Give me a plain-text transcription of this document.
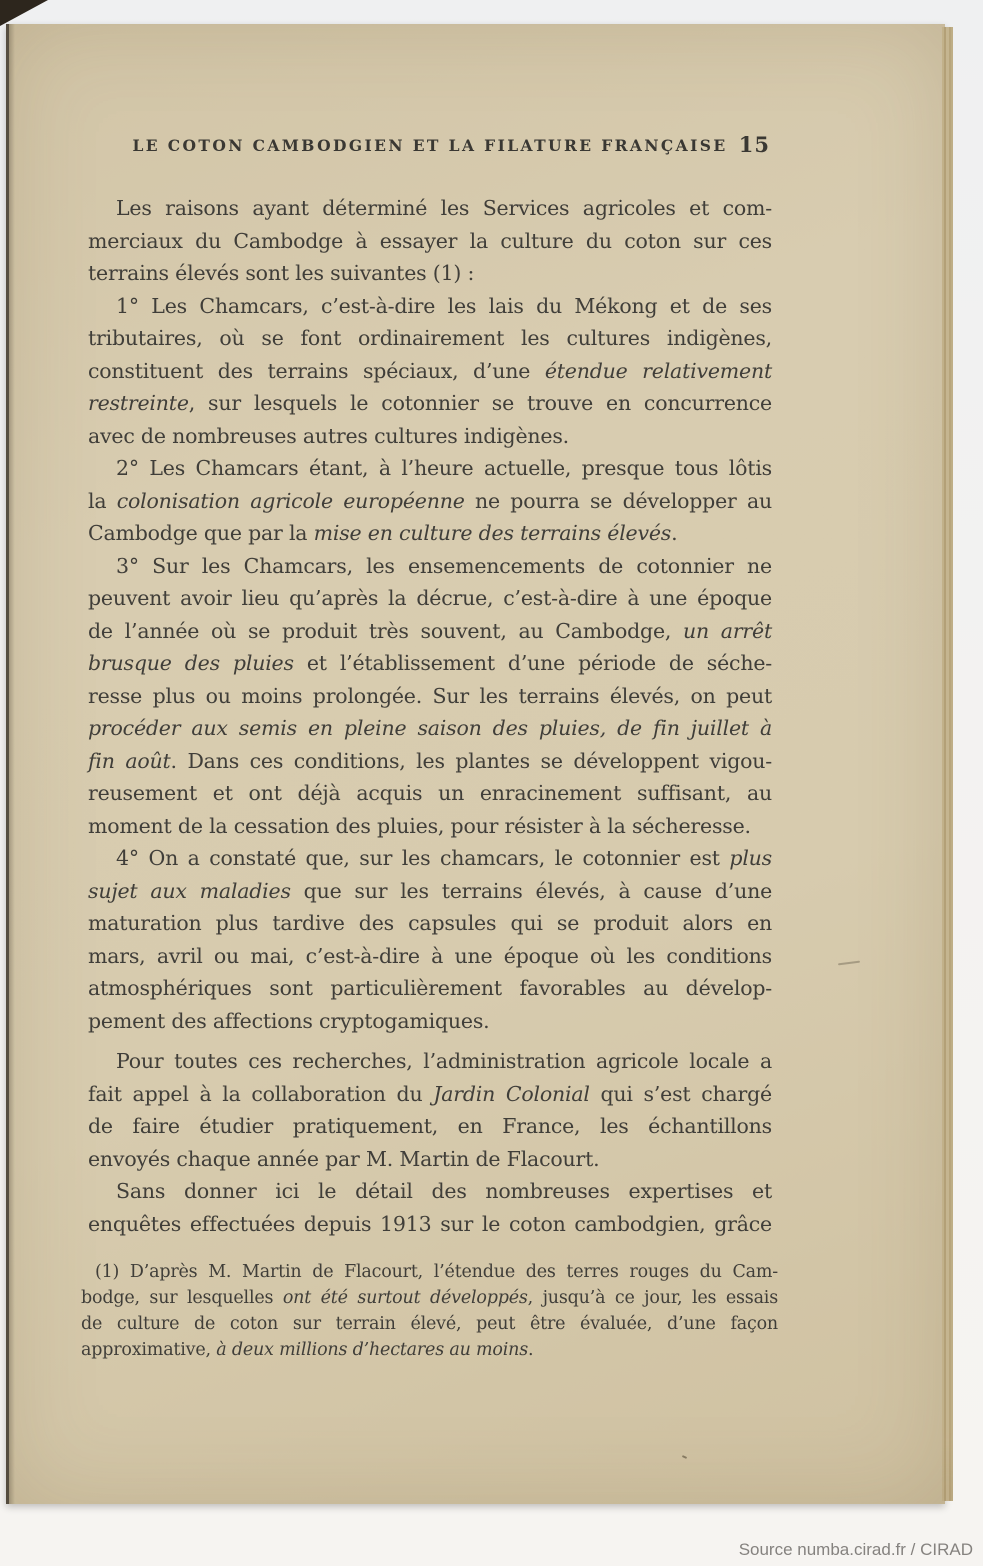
LE COTON CAMBODGIEN ET LA FILATURE FRANÇAISE 15
Les raisons ayant déterminé les Services agricoles et com-
merciaux du Cambodge à essayer la culture du coton sur ces
terrains élevés sont les suivantes (1) :
1° Les Chamcars, c’est-à-dire les lais du Mékong et de ses
tributaires, où se font ordinairement les cultures indigènes,
constituent des terrains spéciaux, d’une étendue relativement
restreinte, sur lesquels le cotonnier se trouve en concurrence
avec de nombreuses autres cultures indigènes.
2° Les Chamcars étant, à l’heure actuelle, presque tous lôtis
la colonisation agricole européenne ne pourra se développer au
Cambodge que par la mise en culture des terrains élevés.
3° Sur les Chamcars, les ensemencements de cotonnier ne
peuvent avoir lieu qu’après la décrue, c’est-à-dire à une époque
de l’année où se produit très souvent, au Cambodge, un arrêt
brusque des pluies et l’établissement d’une période de séche-
resse plus ou moins prolongée. Sur les terrains élevés, on peut
procéder aux semis en pleine saison des pluies, de fin juillet à
fin août. Dans ces conditions, les plantes se développent vigou-
reusement et ont déjà acquis un enracinement suffisant, au
moment de la cessation des pluies, pour résister à la sécheresse.
4° On a constaté que, sur les chamcars, le cotonnier est plus
sujet aux maladies que sur les terrains élevés, à cause d’une
maturation plus tardive des capsules qui se produit alors en
mars, avril ou mai, c’est-à-dire à une époque où les conditions
atmosphériques sont particulièrement favorables au dévelop-
pement des affections cryptogamiques.
Pour toutes ces recherches, l’administration agricole locale a
fait appel à la collaboration du Jardin Colonial qui s’est chargé
de faire étudier pratiquement, en France, les échantillons
envoyés chaque année par M. Martin de Flacourt.
Sans donner ici le détail des nombreuses expertises et
enquêtes effectuées depuis 1913 sur le coton cambodgien, grâce
(1) D’après M. Martin de Flacourt, l’étendue des terres rouges du Cam-
bodge, sur lesquelles ont été surtout développés, jusqu’à ce jour, les essais
de culture de coton sur terrain élevé, peut être évaluée, d’une façon
approximative, à deux millions d’hectares au moins.
Source numba.cirad.fr / CIRAD
